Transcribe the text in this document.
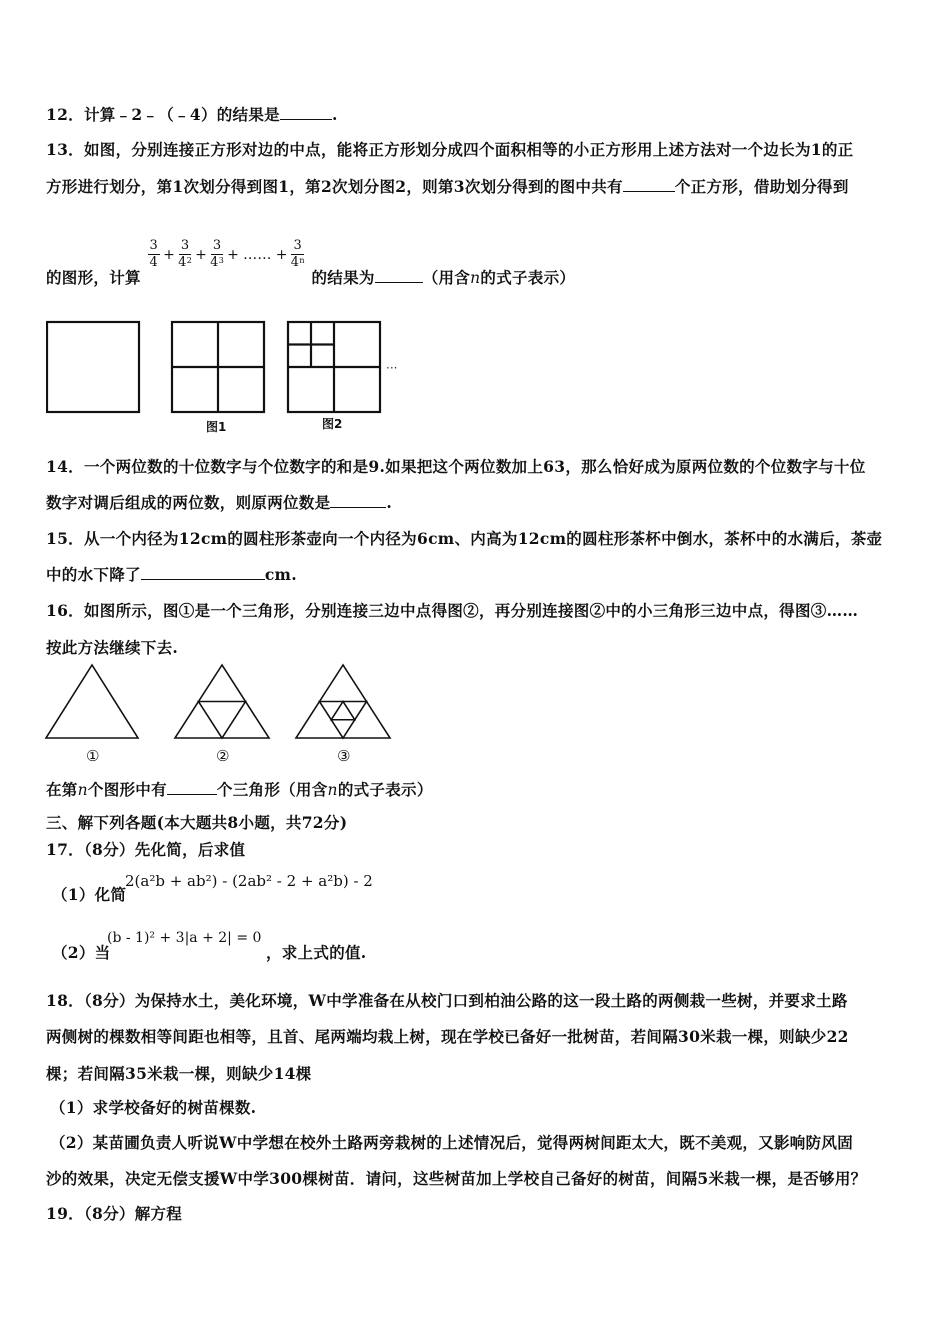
12．计算﹣2﹣（﹣4）的结果是	.
13．如图，分别连接正方形对边的中点，能将正方形划分成四个面积相等的小正方形用上述方法对一个边长为1的正
方形进行划分，第1次划分得到图1，第2次划分图2，则第3次划分得到的图中共有	个正方形，借助划分得到
的图形，计算
$\frac{3}{4} + \frac{3}{4^2} + \frac{3}{4^3}$ + …… + $\frac{3}{4^n}$
的结果为	（用含n的式子表示）
···
图1	图2
14．一个两位数的十位数字与个位数字的和是9.如果把这个两位数加上63，那么恰好成为原两位数的个位数字与十位
数字对调后组成的两位数，则原两位数是	.
15．从一个内径为12cm的圆柱形茶壶向一个内径为6cm、内高为12cm的圆柱形茶杯中倒水，茶杯中的水满后，茶壶
中的水下降了	cm.
16．如图所示，图①是一个三角形，分别连接三边中点得图②，再分别连接图②中的小三角形三边中点，得图③……
按此方法继续下去.
①	②	③
在第n个图形中有	个三角形（用含n的式子表示）
三、解下列各题(本大题共8小题，共72分)
17．（8分）先化简，后求值
（1）化简
2(a²b + ab²) - (2ab² - 2 + a²b) - 2
（2）当
(b - 1)² + 3|a + 2| = 0
，求上式的值.
18．（8分）为保持水土，美化环境，W中学准备在从校门口到柏油公路的这一段土路的两侧栽一些树，并要求土路
两侧树的棵数相等间距也相等，且首、尾两端均栽上树，现在学校已备好一批树苗，若间隔30米栽一棵，则缺少22
棵；若间隔35米栽一棵，则缺少14棵
（1）求学校备好的树苗棵数.
（2）某苗圃负责人听说W中学想在校外土路两旁栽树的上述情况后，觉得两树间距太大，既不美观，又影响防风固
沙的效果，决定无偿支援W中学300棵树苗．请问，这些树苗加上学校自己备好的树苗，间隔5米栽一棵，是否够用？
19．（8分）解方程
